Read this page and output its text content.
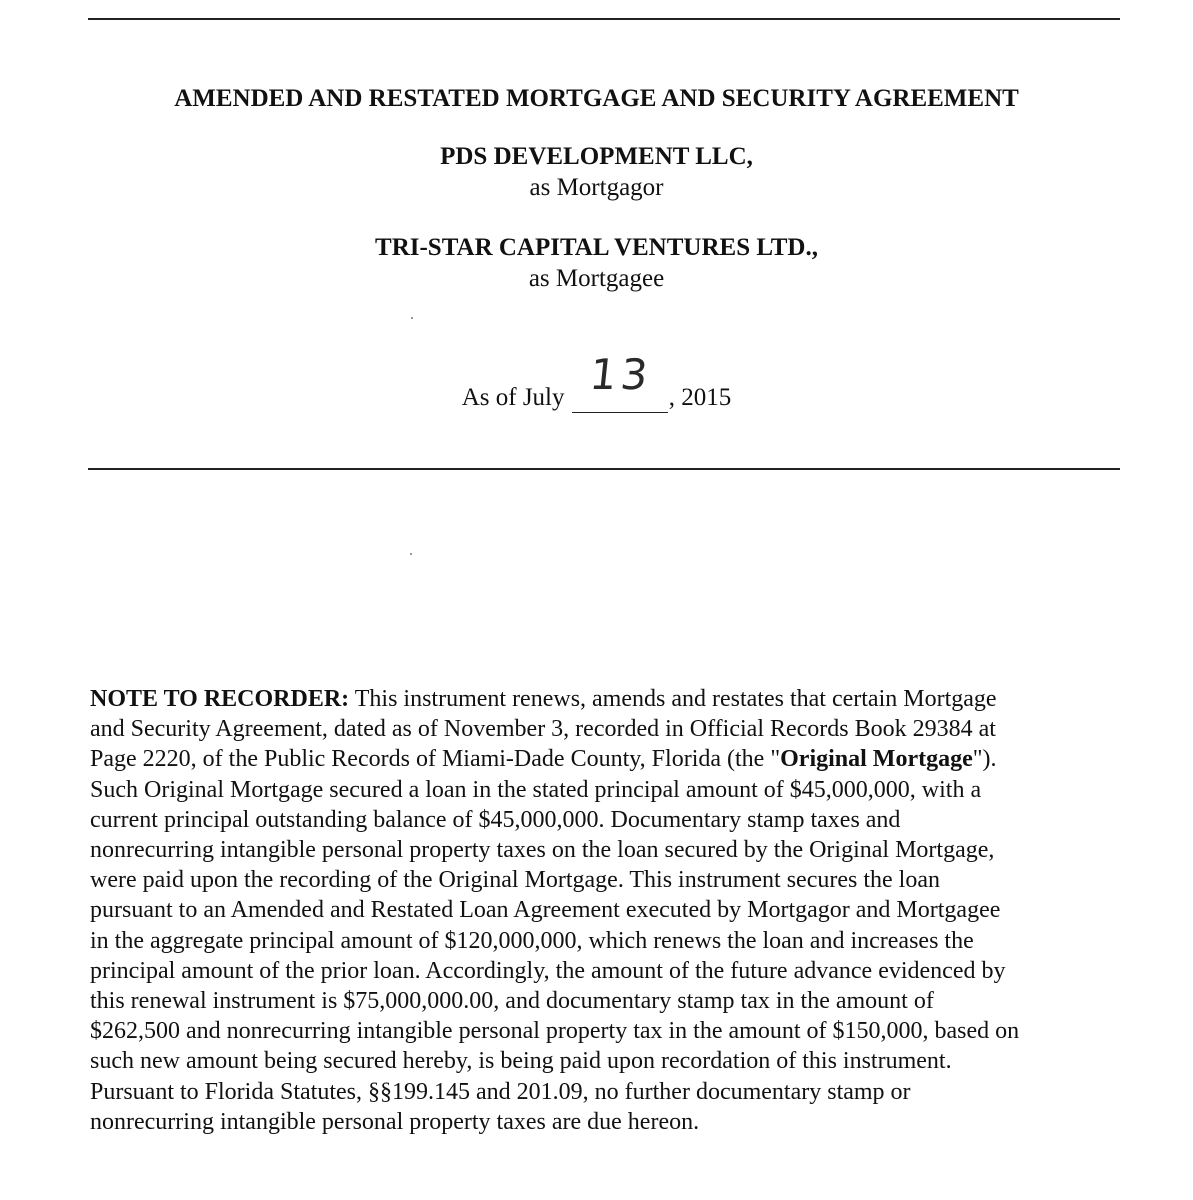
AMENDED AND RESTATED MORTGAGE AND SECURITY AGREEMENT
PDS DEVELOPMENT LLC,
as Mortgagor
TRI-STAR CAPITAL VENTURES LTD.,
as Mortgagee
As of July 13 , 2015

NOTE TO RECORDER: This instrument renews, amends and restates that certain Mortgage
and Security Agreement, dated as of November 3, recorded in Official Records Book 29384 at
Page 2220, of the Public Records of Miami-Dade County, Florida (the "Original Mortgage").
Such Original Mortgage secured a loan in the stated principal amount of $45,000,000, with a
current principal outstanding balance of $45,000,000. Documentary stamp taxes and
nonrecurring intangible personal property taxes on the loan secured by the Original Mortgage,
were paid upon the recording of the Original Mortgage. This instrument secures the loan
pursuant to an Amended and Restated Loan Agreement executed by Mortgagor and Mortgagee
in the aggregate principal amount of $120,000,000, which renews the loan and increases the
principal amount of the prior loan. Accordingly, the amount of the future advance evidenced by
this renewal instrument is $75,000,000.00, and documentary stamp tax in the amount of
$262,500 and nonrecurring intangible personal property tax in the amount of $150,000, based on
such new amount being secured hereby, is being paid upon recordation of this instrument.
Pursuant to Florida Statutes, §§199.145 and 201.09, no further documentary stamp or
nonrecurring intangible personal property taxes are due hereon.
